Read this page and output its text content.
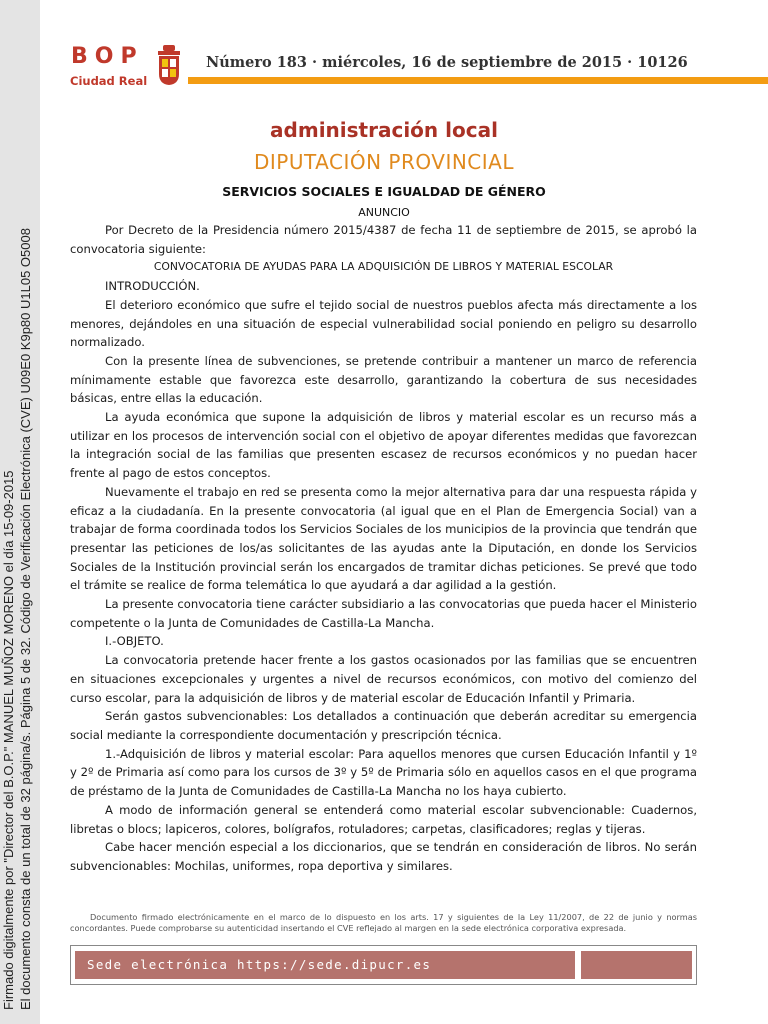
Firmado digitalmente por "Director del B.O.P." MANUEL MUÑOZ MORENO el día 15-09-2015 El documento consta de un total de 32 página/s. Página 5 de 32. Código de Verificación Electrónica (CVE) U09E0 K9p80 U1L05 O5008
BOP
Ciudad Real
Número 183 · miércoles, 16 de septiembre de 2015 · 10126
administración local
DIPUTACIÓN PROVINCIAL
SERVICIOS SOCIALES E IGUALDAD DE GÉNERO
ANUNCIO

Por Decreto de la Presidencia número 2015/4387 de fecha 11 de septiembre de 2015, se aprobó la convocatoria siguiente:

CONVOCATORIA DE AYUDAS PARA LA ADQUISICIÓN DE LIBROS Y MATERIAL ESCOLAR

INTRODUCCIÓN.

El deterioro económico que sufre el tejido social de nuestros pueblos afecta más directamente a los menores, dejándoles en una situación de especial vulnerabilidad social poniendo en peligro su desarrollo normalizado.

Con la presente línea de subvenciones, se pretende contribuir a mantener un marco de referencia mínimamente estable que favorezca este desarrollo, garantizando la cobertura de sus necesidades básicas, entre ellas la educación.

La ayuda económica que supone la adquisición de libros y material escolar es un recurso más a utilizar en los procesos de intervención social con el objetivo de apoyar diferentes medidas que favorezcan la integración social de las familias que presenten escasez de recursos económicos y no puedan hacer frente al pago de estos conceptos.

Nuevamente el trabajo en red se presenta como la mejor alternativa para dar una respuesta rápida y eficaz a la ciudadanía. En la presente convocatoria (al igual que en el Plan de Emergencia Social) van a trabajar de forma coordinada todos los Servicios Sociales de los municipios de la provincia que tendrán que presentar las peticiones de los/as solicitantes de las ayudas ante la Diputación, en donde los Servicios Sociales de la Institución provincial serán los encargados de tramitar dichas peticiones. Se prevé que todo el trámite se realice de forma telemática lo que ayudará a dar agilidad a la gestión.

La presente convocatoria tiene carácter subsidiario a las convocatorias que pueda hacer el Ministerio competente o la Junta de Comunidades de Castilla-La Mancha.

I.-OBJETO.

La convocatoria pretende hacer frente a los gastos ocasionados por las familias que se encuentren en situaciones excepcionales y urgentes a nivel de recursos económicos, con motivo del comienzo del curso escolar, para la adquisición de libros y de material escolar de Educación Infantil y Primaria.

Serán gastos subvencionables: Los detallados a continuación que deberán acreditar su emergencia social mediante la correspondiente documentación y prescripción técnica.

1.-Adquisición de libros y material escolar: Para aquellos menores que cursen Educación Infantil y 1º y 2º de Primaria así como para los cursos de 3º y 5º de Primaria sólo en aquellos casos en el que programa de préstamo de la Junta de Comunidades de Castilla-La Mancha no los haya cubierto.

A modo de información general se entenderá como material escolar subvencionable: Cuadernos, libretas o blocs; lapiceros, colores, bolígrafos, rotuladores; carpetas, clasificadores; reglas y tijeras.

Cabe hacer mención especial a los diccionarios, que se tendrán en consideración de libros. No serán subvencionables: Mochilas, uniformes, ropa deportiva y similares.

Documento firmado electrónicamente en el marco de lo dispuesto en los arts. 17 y siguientes de la Ley 11/2007, de 22 de junio y normas concordantes. Puede comprobarse su autenticidad insertando el CVE reflejado al margen en la sede electrónica corporativa expresada.
Sede electrónica https://sede.dipucr.es
